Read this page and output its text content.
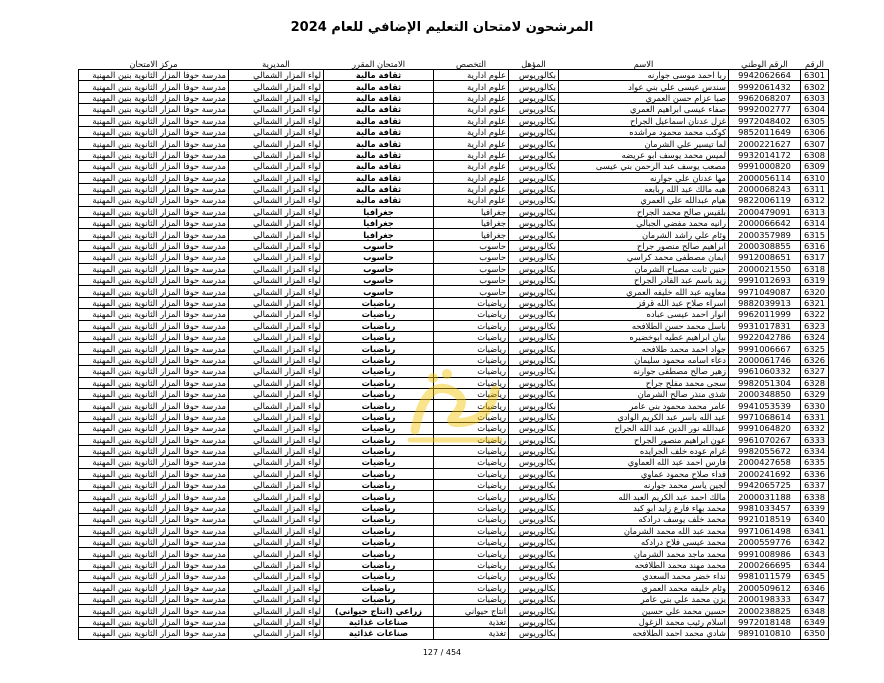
المرشحون لامتحان التعليم الإضافي للعام 2024
الرقم	الرقم الوطني	الاسم	المؤهل	التخصص	الامتحان المقرر	المديرية	مركز الامتحان
6301	9942062664	ربا احمد موسى جوارنه	بكالوريوس	علوم ادارية	ثقافة مالية	لواء المزار الشمالي	مدرسة حوفا المزار الثانوية بنين المهنية
6302	9992061432	سندس عيسى علي بني عواد	بكالوريوس	علوم ادارية	ثقافة مالية	لواء المزار الشمالي	مدرسة حوفا المزار الثانوية بنين المهنية
6303	9962068207	صبا عزام حسن العمري	بكالوريوس	علوم ادارية	ثقافة مالية	لواء المزار الشمالي	مدرسة حوفا المزار الثانوية بنين المهنية
6304	9992002777	صفاء عيسى ابراهيم العمري	بكالوريوس	علوم ادارية	ثقافة مالية	لواء المزار الشمالي	مدرسة حوفا المزار الثانوية بنين المهنية
6305	9972048402	غزل عدنان اسماعيل الجراح	بكالوريوس	علوم ادارية	ثقافة مالية	لواء المزار الشمالي	مدرسة حوفا المزار الثانوية بنين المهنية
6306	9852011649	كوكب محمد محمود مراشده	بكالوريوس	علوم ادارية	ثقافة مالية	لواء المزار الشمالي	مدرسة حوفا المزار الثانوية بنين المهنية
6307	2000221627	لما تيسير علي الشرمان	بكالوريوس	علوم ادارية	ثقافة مالية	لواء المزار الشمالي	مدرسة حوفا المزار الثانوية بنين المهنية
6308	9932014172	لميس محمد يوسف ابو عريضه	بكالوريوس	علوم ادارية	ثقافة مالية	لواء المزار الشمالي	مدرسة حوفا المزار الثانوية بنين المهنية
6309	9991000820	مصعب يوسف عبد الرحمن بني عيسى	بكالوريوس	علوم ادارية	ثقافة مالية	لواء المزار الشمالي	مدرسة حوفا المزار الثانوية بنين المهنية
6310	2000056114	مها عدنان علي جوارنه	بكالوريوس	علوم ادارية	ثقافة مالية	لواء المزار الشمالي	مدرسة حوفا المزار الثانوية بنين المهنية
6311	2000068243	هبه مالك عبد الله ربابعه	بكالوريوس	علوم ادارية	ثقافة مالية	لواء المزار الشمالي	مدرسة حوفا المزار الثانوية بنين المهنية
6312	9822006119	هيام عبدالله علي العمري	بكالوريوس	علوم ادارية	ثقافة مالية	لواء المزار الشمالي	مدرسة حوفا المزار الثانوية بنين المهنية
6313	2000479091	بلقيس صالح محمد الجراح	بكالوريوس	جغرافيا	جغرافيا	لواء المزار الشمالي	مدرسة حوفا المزار الثانوية بنين المهنية
6314	2000066642	رانيه محمد مفضي الجبالي	بكالوريوس	جغرافيا	جغرافيا	لواء المزار الشمالي	مدرسة حوفا المزار الثانوية بنين المهنية
6315	2000357989	وئام علي راشد الشرمان	بكالوريوس	جغرافيا	جغرافيا	لواء المزار الشمالي	مدرسة حوفا المزار الثانوية بنين المهنية
6316	2000308855	ابراهيم صالح منصور جراح	بكالوريوس	حاسوب	حاسوب	لواء المزار الشمالي	مدرسة حوفا المزار الثانوية بنين المهنية
6317	9912008651	ايمان مصطفى محمد كراسي	بكالوريوس	حاسوب	حاسوب	لواء المزار الشمالي	مدرسة حوفا المزار الثانوية بنين المهنية
6318	2000021550	حنين ثابت مصباح الشرمان	بكالوريوس	حاسوب	حاسوب	لواء المزار الشمالي	مدرسة حوفا المزار الثانوية بنين المهنية
6319	9991012693	زيد باسم عبد القادر الجراح	بكالوريوس	حاسوب	حاسوب	لواء المزار الشمالي	مدرسة حوفا المزار الثانوية بنين المهنية
6320	9971049087	معاويه عبد الله خليفه العمري	بكالوريوس	حاسوب	حاسوب	لواء المزار الشمالي	مدرسة حوفا المزار الثانوية بنين المهنية
6321	9882039913	اسراء صلاح عبد الله قرقز	بكالوريوس	رياضيات	رياضيات	لواء المزار الشمالي	مدرسة حوفا المزار الثانوية بنين المهنية
6322	9962011999	انوار احمد عيسى عباده	بكالوريوس	رياضيات	رياضيات	لواء المزار الشمالي	مدرسة حوفا المزار الثانوية بنين المهنية
6323	9931017831	باسل محمد حسن الطلافحه	بكالوريوس	رياضيات	رياضيات	لواء المزار الشمالي	مدرسة حوفا المزار الثانوية بنين المهنية
6324	9922042786	بيان ابراهيم عطيه ابوخضيره	بكالوريوس	رياضيات	رياضيات	لواء المزار الشمالي	مدرسة حوفا المزار الثانوية بنين المهنية
6325	9991006667	جواد احمد محمد طلافحه	بكالوريوس	رياضيات	رياضيات	لواء المزار الشمالي	مدرسة حوفا المزار الثانوية بنين المهنية
6326	2000061746	دعاء اسامه محمود سليمان	بكالوريوس	رياضيات	رياضيات	لواء المزار الشمالي	مدرسة حوفا المزار الثانوية بنين المهنية
6327	9961060332	زهير صالح مصطفى جوارنه	بكالوريوس	رياضيات	رياضيات	لواء المزار الشمالي	مدرسة حوفا المزار الثانوية بنين المهنية
6328	9982051304	سجى محمد مفلح جراح	بكالوريوس	رياضيات	رياضيات	لواء المزار الشمالي	مدرسة حوفا المزار الثانوية بنين المهنية
6329	2000348850	شذى منذر صالح الشرمان	بكالوريوس	رياضيات	رياضيات	لواء المزار الشمالي	مدرسة حوفا المزار الثانوية بنين المهنية
6330	9941053539	عامر محمد محمود بني عامر	بكالوريوس	رياضيات	رياضيات	لواء المزار الشمالي	مدرسة حوفا المزار الثانوية بنين المهنية
6331	9971068614	عبد الله باسر عبد الكريم الوادي	بكالوريوس	رياضيات	رياضيات	لواء المزار الشمالي	مدرسة حوفا المزار الثانوية بنين المهنية
6332	9991064820	عبدالله نور الدين عبد الله الجراح	بكالوريوس	رياضيات	رياضيات	لواء المزار الشمالي	مدرسة حوفا المزار الثانوية بنين المهنية
6333	9961070267	عون ابراهيم منصور الجراح	بكالوريوس	رياضيات	رياضيات	لواء المزار الشمالي	مدرسة حوفا المزار الثانوية بنين المهنية
6334	9982055672	غرام عوده خلف الجرايده	بكالوريوس	رياضيات	رياضيات	لواء المزار الشمالي	مدرسة حوفا المزار الثانوية بنين المهنية
6335	2000427658	فارس احمد عبد الله العماوي	بكالوريوس	رياضيات	رياضيات	لواء المزار الشمالي	مدرسة حوفا المزار الثانوية بنين المهنية
6336	2000241692	فداء صلاح محمود عماوي	بكالوريوس	رياضيات	رياضيات	لواء المزار الشمالي	مدرسة حوفا المزار الثانوية بنين المهنية
6337	9942065725	لجين ياسر محمد جوارنه	بكالوريوس	رياضيات	رياضيات	لواء المزار الشمالي	مدرسة حوفا المزار الثانوية بنين المهنية
6338	2000031188	مالك احمد عبد الكريم العبد الله	بكالوريوس	رياضيات	رياضيات	لواء المزار الشمالي	مدرسة حوفا المزار الثانوية بنين المهنية
6339	9981033457	محمد بهاء فارع زايد ابو كبد	بكالوريوس	رياضيات	رياضيات	لواء المزار الشمالي	مدرسة حوفا المزار الثانوية بنين المهنية
6340	9921018519	محمد خلف يوسف درادكه	بكالوريوس	رياضيات	رياضيات	لواء المزار الشمالي	مدرسة حوفا المزار الثانوية بنين المهنية
6341	9971061498	محمد عبد الله محمد الشرمان	بكالوريوس	رياضيات	رياضيات	لواء المزار الشمالي	مدرسة حوفا المزار الثانوية بنين المهنية
6342	2000559776	محمد عيسى فلاح درادكه	بكالوريوس	رياضيات	رياضيات	لواء المزار الشمالي	مدرسة حوفا المزار الثانوية بنين المهنية
6343	9991008986	محمد ماجد محمد الشرمان	بكالوريوس	رياضيات	رياضيات	لواء المزار الشمالي	مدرسة حوفا المزار الثانوية بنين المهنية
6344	2000266695	محمد مهند محمد الطلافحه	بكالوريوس	رياضيات	رياضيات	لواء المزار الشمالي	مدرسة حوفا المزار الثانوية بنين المهنية
6345	9981011579	نداء خضر محمد السعدي	بكالوريوس	رياضيات	رياضيات	لواء المزار الشمالي	مدرسة حوفا المزار الثانوية بنين المهنية
6346	2000509612	وئام خليفه محمد العمري	بكالوريوس	رياضيات	رياضيات	لواء المزار الشمالي	مدرسة حوفا المزار الثانوية بنين المهنية
6347	2000198333	يزن محمد علي بني عامر	بكالوريوس	رياضيات	رياضيات	لواء المزار الشمالي	مدرسة حوفا المزار الثانوية بنين المهنية
6348	2000238825	حسين محمد علي حسين	بكالوريوس	انتاج حيواني	زراعي (انتاج حيواني)	لواء المزار الشمالي	مدرسة حوفا المزار الثانوية بنين المهنية
6349	9972018148	اسلام رئيب محمد الزغول	بكالوريوس	تغذية	صناعات غذائية	لواء المزار الشمالي	مدرسة حوفا المزار الثانوية بنين المهنية
6350	9891010810	شادي محمد احمد الطلافحه	بكالوريوس	تغذية	صناعات غذائية	لواء المزار الشمالي	مدرسة حوفا المزار الثانوية بنين المهنية
127 / 454
